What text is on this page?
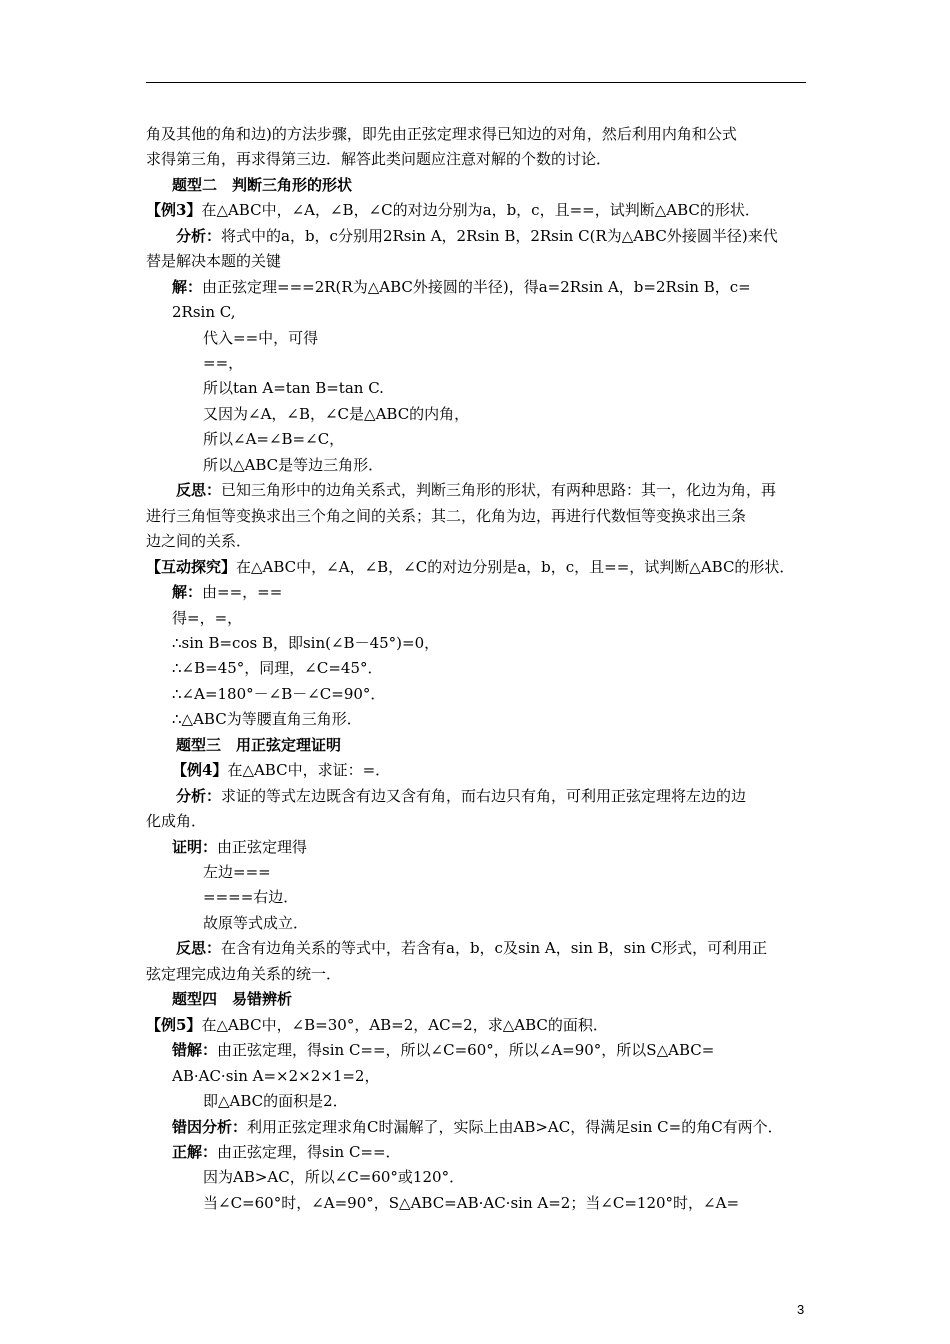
角及其他的角和边)的方法步骤，即先由正弦定理求得已知边的对角，然后利用内角和公式
求得第三角，再求得第三边．解答此类问题应注意对解的个数的讨论．
题型二　判断三角形的形状
【例3】在△ABC中，∠A，∠B，∠C的对边分别为a，b，c，且==，试判断△ABC的形状．
分析：将式中的a，b，c分别用2Rsin A，2Rsin B，2Rsin C(R为△ABC外接圆半径)来代
替是解决本题的关键
解：由正弦定理===2R(R为△ABC外接圆的半径)，得a=2Rsin A，b=2Rsin B，c=
2Rsin C,
代入==中，可得
==，
所以tan A=tan B=tan C.
又因为∠A，∠B，∠C是△ABC的内角，
所以∠A=∠B=∠C，
所以△ABC是等边三角形．
反思：已知三角形中的边角关系式，判断三角形的形状，有两种思路：其一，化边为角，再
进行三角恒等变换求出三个角之间的关系；其二，化角为边，再进行代数恒等变换求出三条
边之间的关系．
【互动探究】在△ABC中，∠A，∠B，∠C的对边分别是a，b，c，且==，试判断△ABC的形状．
解：由==，==
得=，=，
∴sin B=cos B，即sin(∠B－45°)=0，
∴∠B=45°，同理，∠C=45°．
∴∠A=180°－∠B－∠C=90°．
∴△ABC为等腰直角三角形．
题型三　用正弦定理证明
【例4】在△ABC中，求证：=．
分析：求证的等式左边既含有边又含有角，而右边只有角，可利用正弦定理将左边的边
化成角．
证明：由正弦定理得
左边===
====右边．
故原等式成立．
反思：在含有边角关系的等式中，若含有a，b，c及sin A，sin B，sin C形式，可利用正
弦定理完成边角关系的统一．
题型四　易错辨析
【例5】在△ABC中，∠B=30°，AB=2，AC=2，求△ABC的面积．
错解：由正弦定理，得sin C==，所以∠C=60°，所以∠A=90°，所以S△ABC=
AB·AC·sin A=×2×2×1=2，
即△ABC的面积是2．
错因分析：利用正弦定理求角C时漏解了，实际上由AB>AC，得满足sin C=的角C有两个．
正解：由正弦定理，得sin C==．
因为AB>AC，所以∠C=60°或120°．
当∠C=60°时，∠A=90°，S△ABC=AB·AC·sin A=2；当∠C=120°时，∠A=
3
